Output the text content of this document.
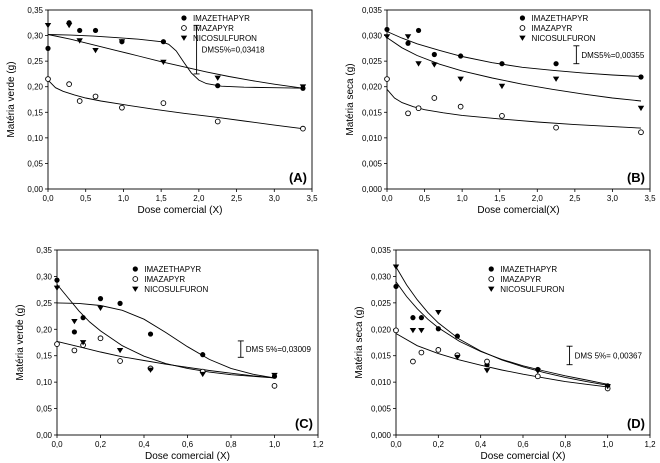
0,0	0,5	1,0	1,5	2,0	2,5	3,0	3,5
0,00
0,05
0,10
0,15
0,20
0,25
0,30
0,35
Dose comercial (X)
Matéria verde (g)
DMS5%=0,03418
IMAZETHAPYR
IMAZAPYR
NICOSULFURON
(A)
0,0	0,5	1,0	1,5	2,0	2,5	3,0	3,5
0,000
0,005
0,010
0,015
0,020
0,025
0,030
0,035
Dose comercial(X)
Matéria seca (g)
DMS5%=0,00355
IMAZETHAPYR
IMAZAPYR
NICOSULFURON
(B)
0,0	0,2	0,4	0,6	0,8	1,0	1,2
0,00
0,05
0,10
0,15
0,20
0,25
0,30
0,35
Dose comercial (X)
Matéria verde (g)	DMS 5%=0,03009
IMAZETHAPYR
IMAZAPYR
NICOSULFURON
(C)
0,0	0,2	0,4	0,6	0,8	1,0	1,2
0,000
0,005
0,010
0,015
0,020
0,025
0,030
0,035
Dose comercial (X)
Matéria seca (g)	DMS 5%= 0,00367
IMAZETHAPYR
IMAZAPYR
NICOSULFURON
(D)
